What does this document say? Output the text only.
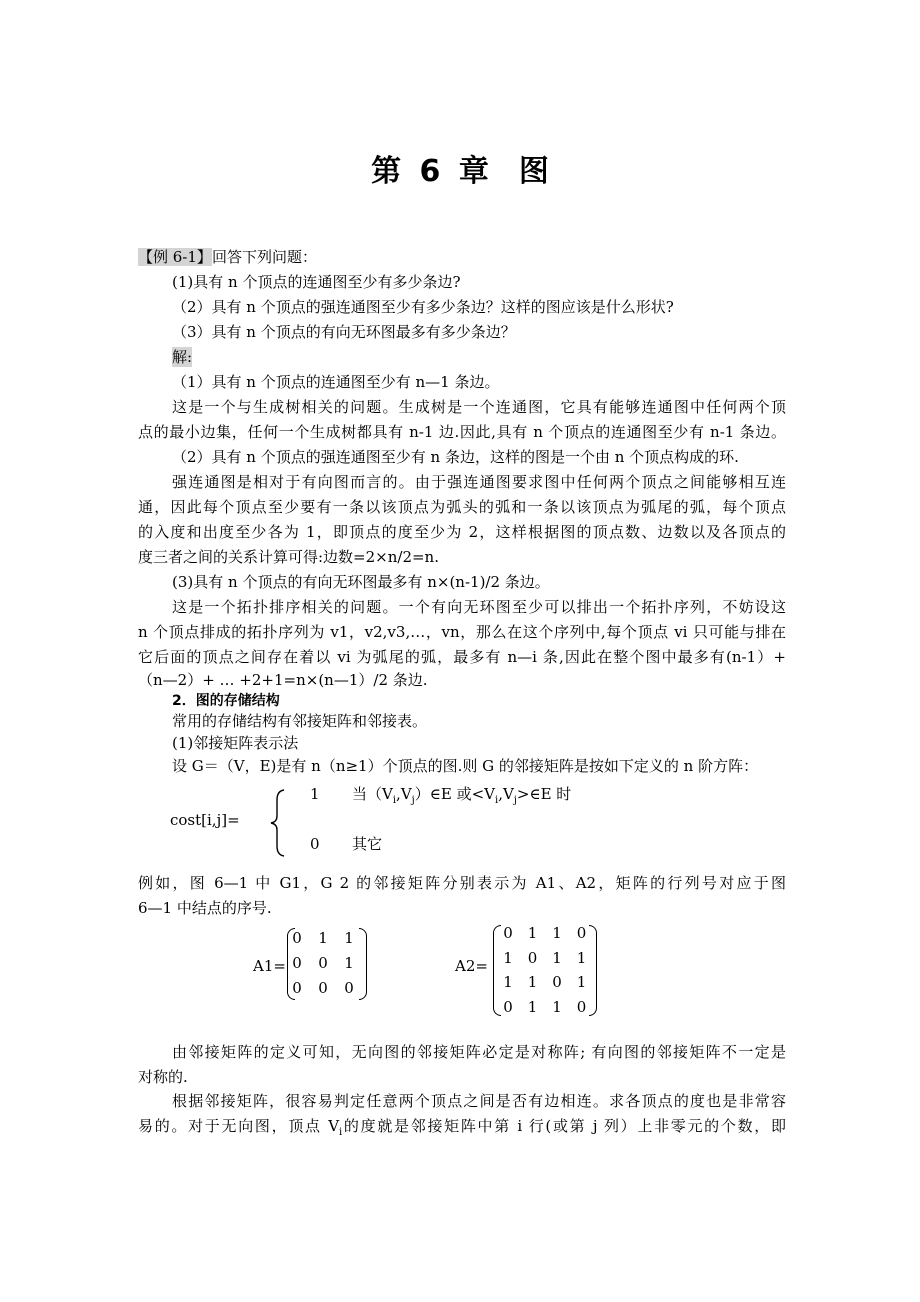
第 6 章　图
【例 6-1】回答下列问题：
(1)具有 n 个顶点的连通图至少有多少条边?
（2）具有 n 个顶点的强连通图至少有多少条边？这样的图应该是什么形状?
（3）具有 n 个顶点的有向无环图最多有多少条边？
解:
（1）具有 n 个顶点的连通图至少有 n—1 条边。
这是一个与生成树相关的问题。生成树是一个连通图，它具有能够连通图中任何两个顶
点的最小边集，任何一个生成树都具有 n-1 边.因此,具有 n 个顶点的连通图至少有 n-1 条边。
（2）具有 n 个顶点的强连通图至少有 n 条边，这样的图是一个由 n 个顶点构成的环.
强连通图是相对于有向图而言的。由于强连通图要求图中任何两个顶点之间能够相互连
通，因此每个顶点至少要有一条以该顶点为弧头的弧和一条以该顶点为弧尾的弧，每个顶点
的入度和出度至少各为 1，即顶点的度至少为 2，这样根据图的顶点数、边数以及各顶点的
度三者之间的关系计算可得:边数=2×n/2=n.
(3)具有 n 个顶点的有向无环图最多有 n×(n-1)/2 条边。
这是一个拓扑排序相关的问题。一个有向无环图至少可以排出一个拓扑序列，不妨设这
n 个顶点排成的拓扑序列为 v1，v2,v3,…，vn，那么在这个序列中,每个顶点 vi 只可能与排在
它后面的顶点之间存在着以 vi 为弧尾的弧，最多有 n—i 条,因此在整个图中最多有(n-1）+
（n—2）+ … +2+1=n×(n—1）/2 条边.
2．图的存储结构
常用的存储结构有邻接矩阵和邻接表。
(1)邻接矩阵表示法
设 G＝（V，E)是有 n（n≥1）个顶点的图.则 G 的邻接矩阵是按如下定义的 n 阶方阵：
cost[i,j]=
1 当$(V_i,V_j)\in E$ 或$<V_i,V_j>\in E$ 时
0 其它
例如，图 6—1 中 G1，G 2 的邻接矩阵分别表示为 A1、A2，矩阵的行列号对应于图
6—1 中结点的序号.
A1=
0 1 1
0 0 1
0 0 0
A2=
0 1 1 0
1 0 1 1
1 1 0 1
0 1 1 0
由邻接矩阵的定义可知，无向图的邻接矩阵必定是对称阵; 有向图的邻接矩阵不一定是
对称的.
根据邻接矩阵，很容易判定任意两个顶点之间是否有边相连。求各顶点的度也是非常容
易的。对于无向图，顶点 $V_i$的度就是邻接矩阵中第 i 行(或第 j 列）上非零元的个数，即
